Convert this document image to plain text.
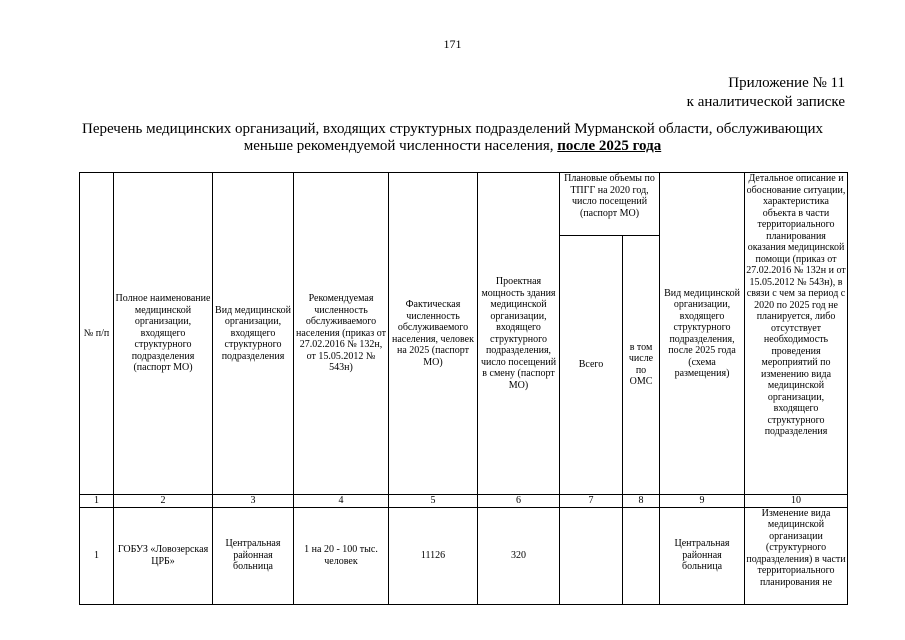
171
Приложение № 11
к аналитической записке
Перечень медицинских организаций, входящих структурных подразделений Мурманской области, обслуживающих
меньше рекомендуемой численности населения, после 2025 года
№ п/п	Полное наименование медицинской организации, входящего структурного подразделения (паспорт МО)	Вид медицинской организации, входящего структурного подразделения	Рекомендуемая численность обслуживаемого населения (приказ от 27.02.2016 № 132н, от 15.05.2012 № 543н)	Фактическая численность обслуживаемого населения, человек на 2025 (паспорт МО)	Проектная мощность здания медицинской организации, входящего структурного подразделения, число посещений в смену (паспорт МО)	Плановые объемы по ТПГГ на 2020 год, число посещений (паспорт МО)		Вид медицинской организации, входящего структурного подразделения, после 2025 года (схема размещения)	Детальное описание и обоснование ситуации, характеристика объекта в части территориального планирования оказания медицинской помощи (приказ от 27.02.2016 № 132н и от 15.05.2012 № 543н), в связи с чем за период с 2020 по 2025 год не планируется, либо отсутствует необходимость проведения мероприятий по изменению вида медицинской организации, входящего структурного подразделения

						Всего	в том числе по ОМС		
1	2	3	4	5	6	7	8	9	10
1	ГОБУЗ «Ловозерская ЦРБ»	Центральная районная больница	1 на 20 - 100 тыс. человек	11126	320			Центральная районная больница	Изменение вида медицинской организации (структурного подразделения) в части территориального планирования не
